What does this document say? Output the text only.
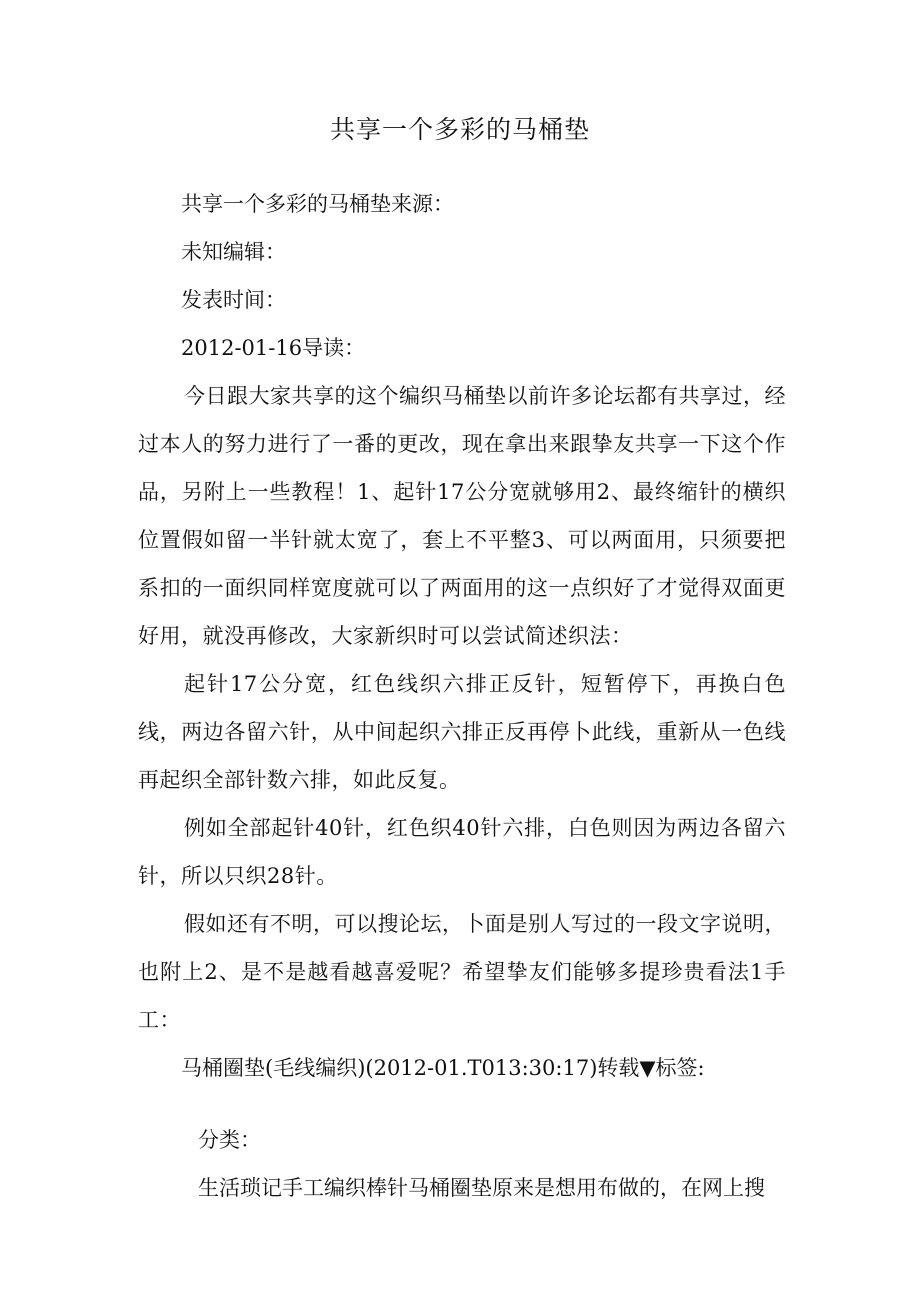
共享一个多彩的马桶垫

共享一个多彩的马桶垫来源：

未知编辑：

发表时间：

2012-01-16导读：

今日跟大家共享的这个编织马桶垫以前许多论坛都有共享过，经过本人的努力进行了一番的更改，现在拿出来跟挚友共享一下这个作品，另附上一些教程！1、起针17公分宽就够用2、最终缩针的横织位置假如留一半针就太宽了，套上不平整3、可以两面用，只须要把系扣的一面织同样宽度就可以了两面用的这一点织好了才觉得双面更好用，就没再修改，大家新织时可以尝试简述织法：

起针17公分宽，红色线织六排正反针，短暂停下，再换白色线，两边各留六针，从中间起织六排正反再停卜此线，重新从一色线再起织全部针数六排，如此反复。

例如全部起针40针，红色织40针六排，白色则因为两边各留六针，所以只织28针。

假如还有不明，可以搜论坛，卜面是别人写过的一段文字说明，也附上2、是不是越看越喜爱呢？希望挚友们能够多提珍贵看法1手工：

马桶圈垫(毛线编织)(2012-01.T013:30:17)转载▼标签:

分类：

生活琐记手工编织棒针马桶圈垫原来是想用布做的，在网上搜
